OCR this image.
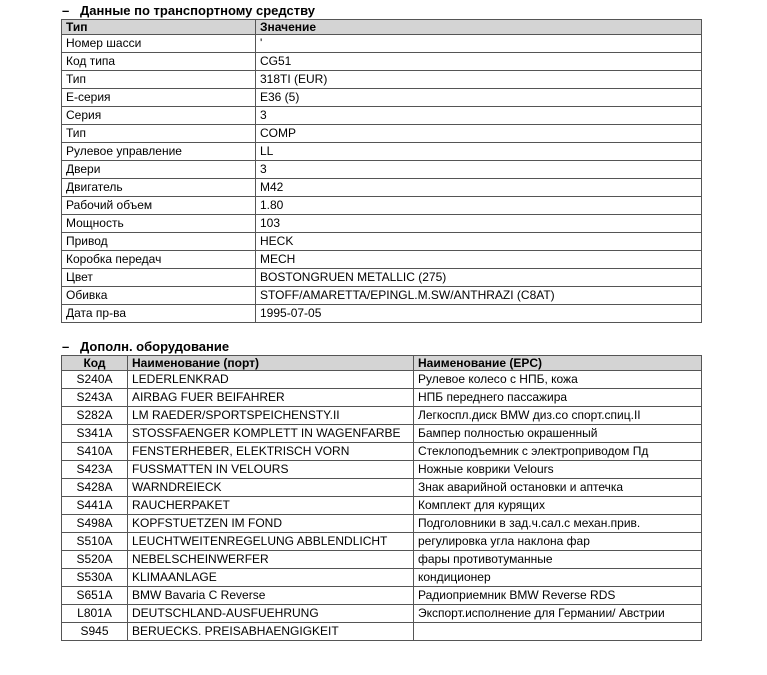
– Данные по транспортному средству
Тип	Значение
Номер шасси	'
Код типа	CG51
Тип	318TI (EUR)
E-серия	E36 (5)
Серия	3
Тип	COMP
Рулевое управление	LL
Двери	3
Двигатель	M42
Рабочий объем	1.80
Мощность	103
Привод	HECK
Коробка передач	MECH
Цвет	BOSTONGRUEN METALLIC (275)
Обивка	STOFF/AMARETTA/EPINGL.M.SW/ANTHRAZI (C8AT)
Дата пр-ва	1995-07-05
– Дополн. оборудование
Код	Наименование (порт)	Наименование (EPC)
S240A	LEDERLENKRAD	Рулевое колесо с НПБ, кожа
S243A	AIRBAG FUER BEIFAHRER	НПБ переднего пассажира
S282A	LM RAEDER/SPORTSPEICHENSTY.II	Легкоспл.диск BMW диз.со спорт.спиц.II
S341A	STOSSFAENGER KOMPLETT IN WAGENFARBE	Бампер полностью окрашенный
S410A	FENSTERHEBER, ELEKTRISCH VORN	Стеклоподъемник с электроприводом Пд
S423A	FUSSMATTEN IN VELOURS	Ножные коврики Velours
S428A	WARNDREIECK	Знак аварийной остановки и аптечка
S441A	RAUCHERPAKET	Комплект для курящих
S498A	KOPFSTUETZEN IM FOND	Подголовники в зад.ч.сал.с механ.прив.
S510A	LEUCHTWEITENREGELUNG ABBLENDLICHT	регулировка угла наклона фар
S520A	NEBELSCHEINWERFER	фары противотуманные
S530A	KLIMAANLAGE	кондиционер
S651A	BMW Bavaria C Reverse	Радиоприемник BMW Reverse RDS
L801A	DEUTSCHLAND-AUSFUEHRUNG	Экспорт.исполнение для Германии/ Австрии
S945	BERUECKS. PREISABHAENGIGKEIT	
